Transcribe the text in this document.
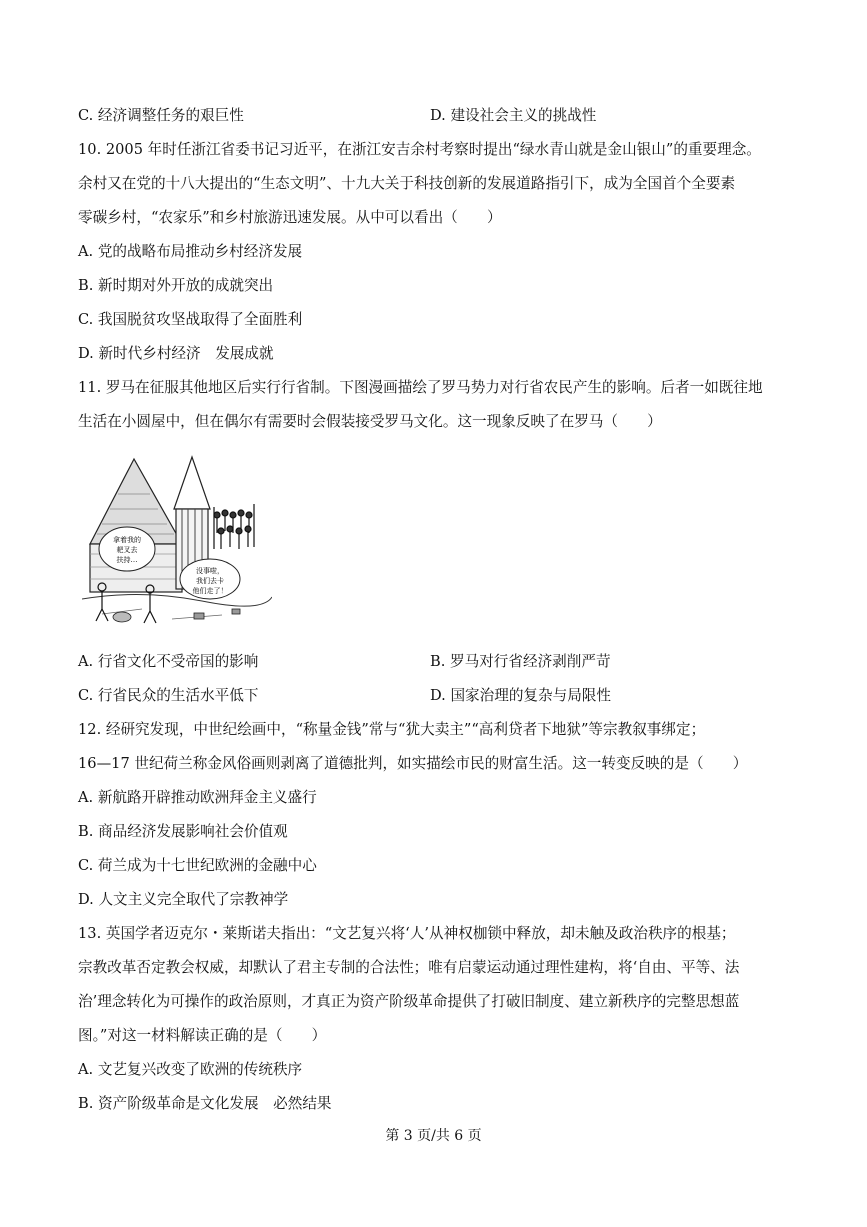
C. 经济调整任务的艰巨性	D. 建设社会主义的挑战性
10. 2005 年时任浙江省委书记习近平，在浙江安吉余村考察时提出“绿水青山就是金山银山”的重要理念。
余村又在党的十八大提出的“生态文明”、十九大关于科技创新的发展道路指引下，成为全国首个全要素
零碳乡村，“农家乐”和乡村旅游迅速发展。从中可以看出（　　）
A. 党的战略布局推动乡村经济发展
B. 新时期对外开放的成就突出
C. 我国脱贫攻坚战取得了全面胜利
D. 新时代乡村经济　发展成就
11. 罗马在征服其他地区后实行行省制。下图漫画描绘了罗马势力对行省农民产生的影响。后者一如既往地
生活在小圆屋中，但在偶尔有需要时会假装接受罗马文化。这一现象反映了在罗马（　　）
拿着我的
耙叉去
扶持…
没事啦，
我们去卡
他们走了！
A. 行省文化不受帝国的影响	B. 罗马对行省经济剥削严苛
C. 行省民众的生活水平低下	D. 国家治理的复杂与局限性
12. 经研究发现，中世纪绘画中，“称量金钱”常与“犹大卖主”“高利贷者下地狱”等宗教叙事绑定；
16—17 世纪荷兰称金风俗画则剥离了道德批判，如实描绘市民的财富生活。这一转变反映的是（　　）
A. 新航路开辟推动欧洲拜金主义盛行
B. 商品经济发展影响社会价值观
C. 荷兰成为十七世纪欧洲的金融中心
D. 人文主义完全取代了宗教神学
13. 英国学者迈克尔・莱斯诺夫指出：“文艺复兴将‘人’从神权枷锁中释放，却未触及政治秩序的根基；
宗教改革否定教会权威，却默认了君主专制的合法性；唯有启蒙运动通过理性建构，将‘自由、平等、法
治’理念转化为可操作的政治原则，才真正为资产阶级革命提供了打破旧制度、建立新秩序的完整思想蓝
图。”对这一材料解读正确的是（　　）
A. 文艺复兴改变了欧洲的传统秩序
B. 资产阶级革命是文化发展　必然结果
第 3 页/共 6 页
